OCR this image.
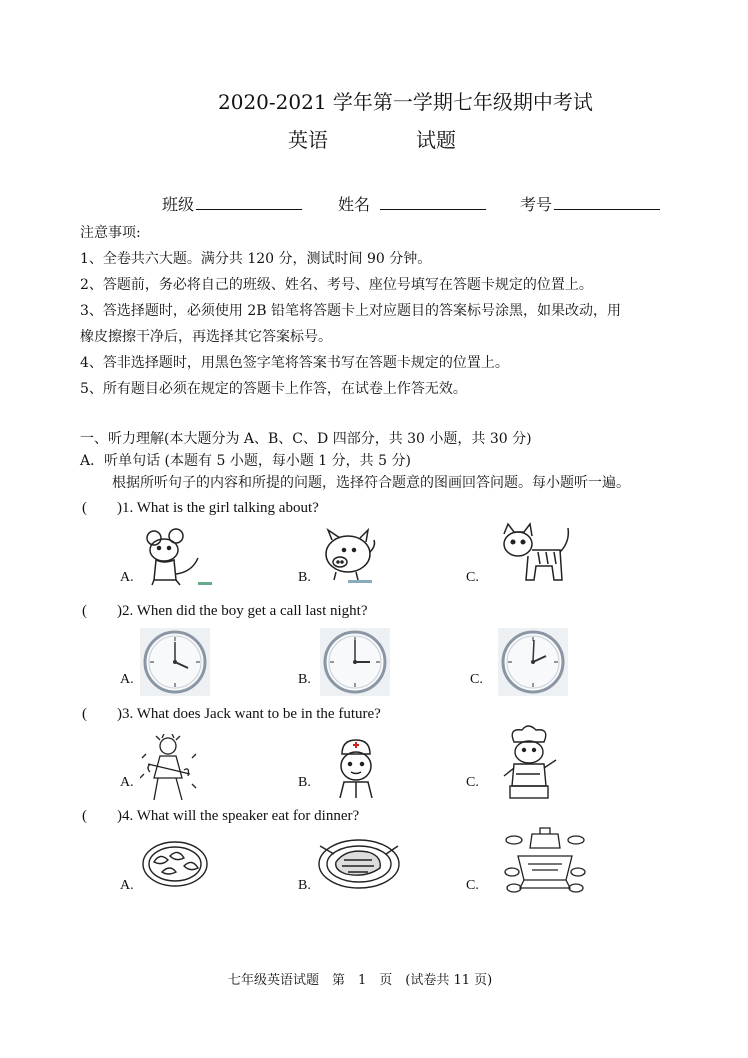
2020-2021 学年第一学期七年级期中考试
英语	试题
班级	姓名	考号
注意事项:
1、全卷共六大题。满分共 120 分，测试时间 90 分钟。
2、答题前，务必将自己的班级、姓名、考号、座位号填写在答题卡规定的位置上。
3、答选择题时，必须使用 2B 铅笔将答题卡上对应题目的答案标号涂黑，如果改动，用
橡皮擦擦干净后，再选择其它答案标号。
4、答非选择题时，用黑色签字笔将答案书写在答题卡规定的位置上。
5、所有题目必须在规定的答题卡上作答，在试卷上作答无效。
一、听力理解(本大题分为 A、B、C、D 四部分，共 30 小题，共 30 分)
A．听单句话 (本题有 5 小题，每小题 1 分，共 5 分)
根据所听句子的内容和所提的问题，选择符合题意的图画回答问题。每小题听一遍。
(  )1. What is the girl talking about?
A.	B.	C.
(  )2. When did the boy get a call last night?
A.	B.	C.
(  )3. What does Jack want to be in the future?
A.	B.	C.
(  )4. What will the speaker eat for dinner?
A.	B.	C.
七年级英语试题　第　1　页　(试卷共 11 页)
